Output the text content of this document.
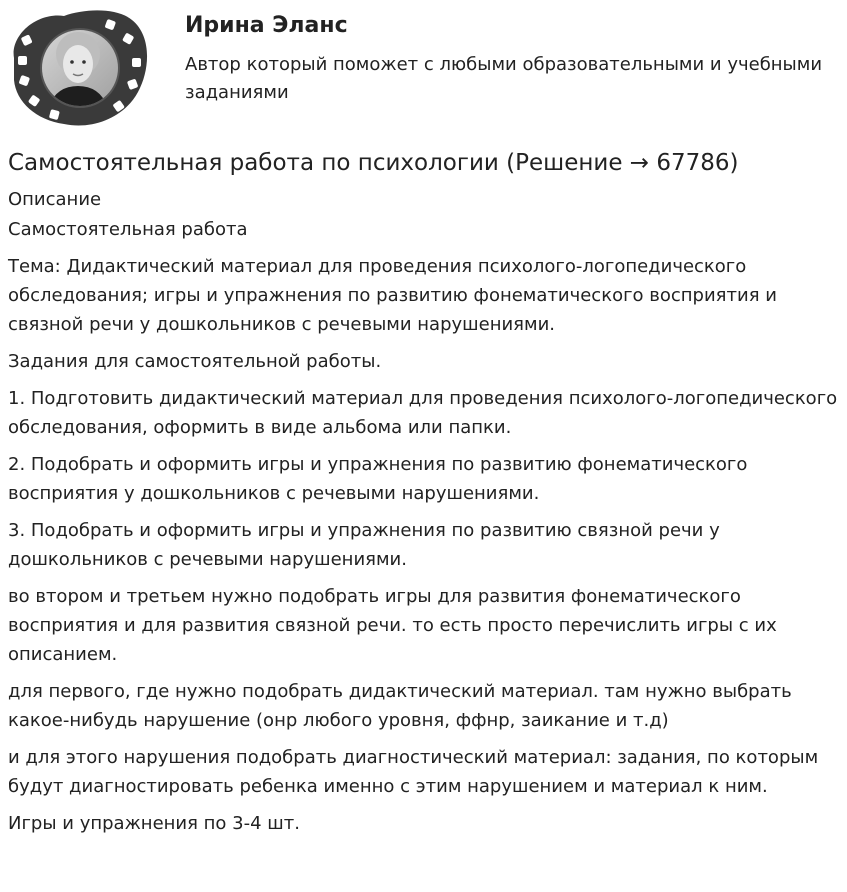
Ирина Эланс
Автор который поможет с любыми образовательными и учебными заданиями
Самостоятельная работа по психологии (Решение → 67786)

Описание

Самостоятельная работа

Тема: Дидактический материал для проведения психолого-логопедического обследования; игры и упражнения по развитию фонематического восприятия и связной речи у дошкольников с речевыми нарушениями.

Задания для самостоятельной работы.

1. Подготовить дидактический материал для проведения психолого-логопедического обследования, оформить в виде альбома или папки.

2. Подобрать и оформить игры и упражнения по развитию фонематического восприятия у дошкольников с речевыми нарушениями.

3. Подобрать и оформить игры и упражнения по развитию связной речи у дошкольников с речевыми нарушениями.

во втором и третьем нужно подобрать игры для развития фонематического восприятия и для развития связной речи. то есть просто перечислить игры с их описанием.

для первого, где нужно подобрать дидактический материал. там нужно выбрать какое-нибудь нарушение (онр любого уровня, ффнр, заикание и т.д)

и для этого нарушения подобрать диагностический материал: задания, по которым будут диагностировать ребенка именно с этим нарушением и материал к ним.

Игры и упражнения по 3-4 шт.
